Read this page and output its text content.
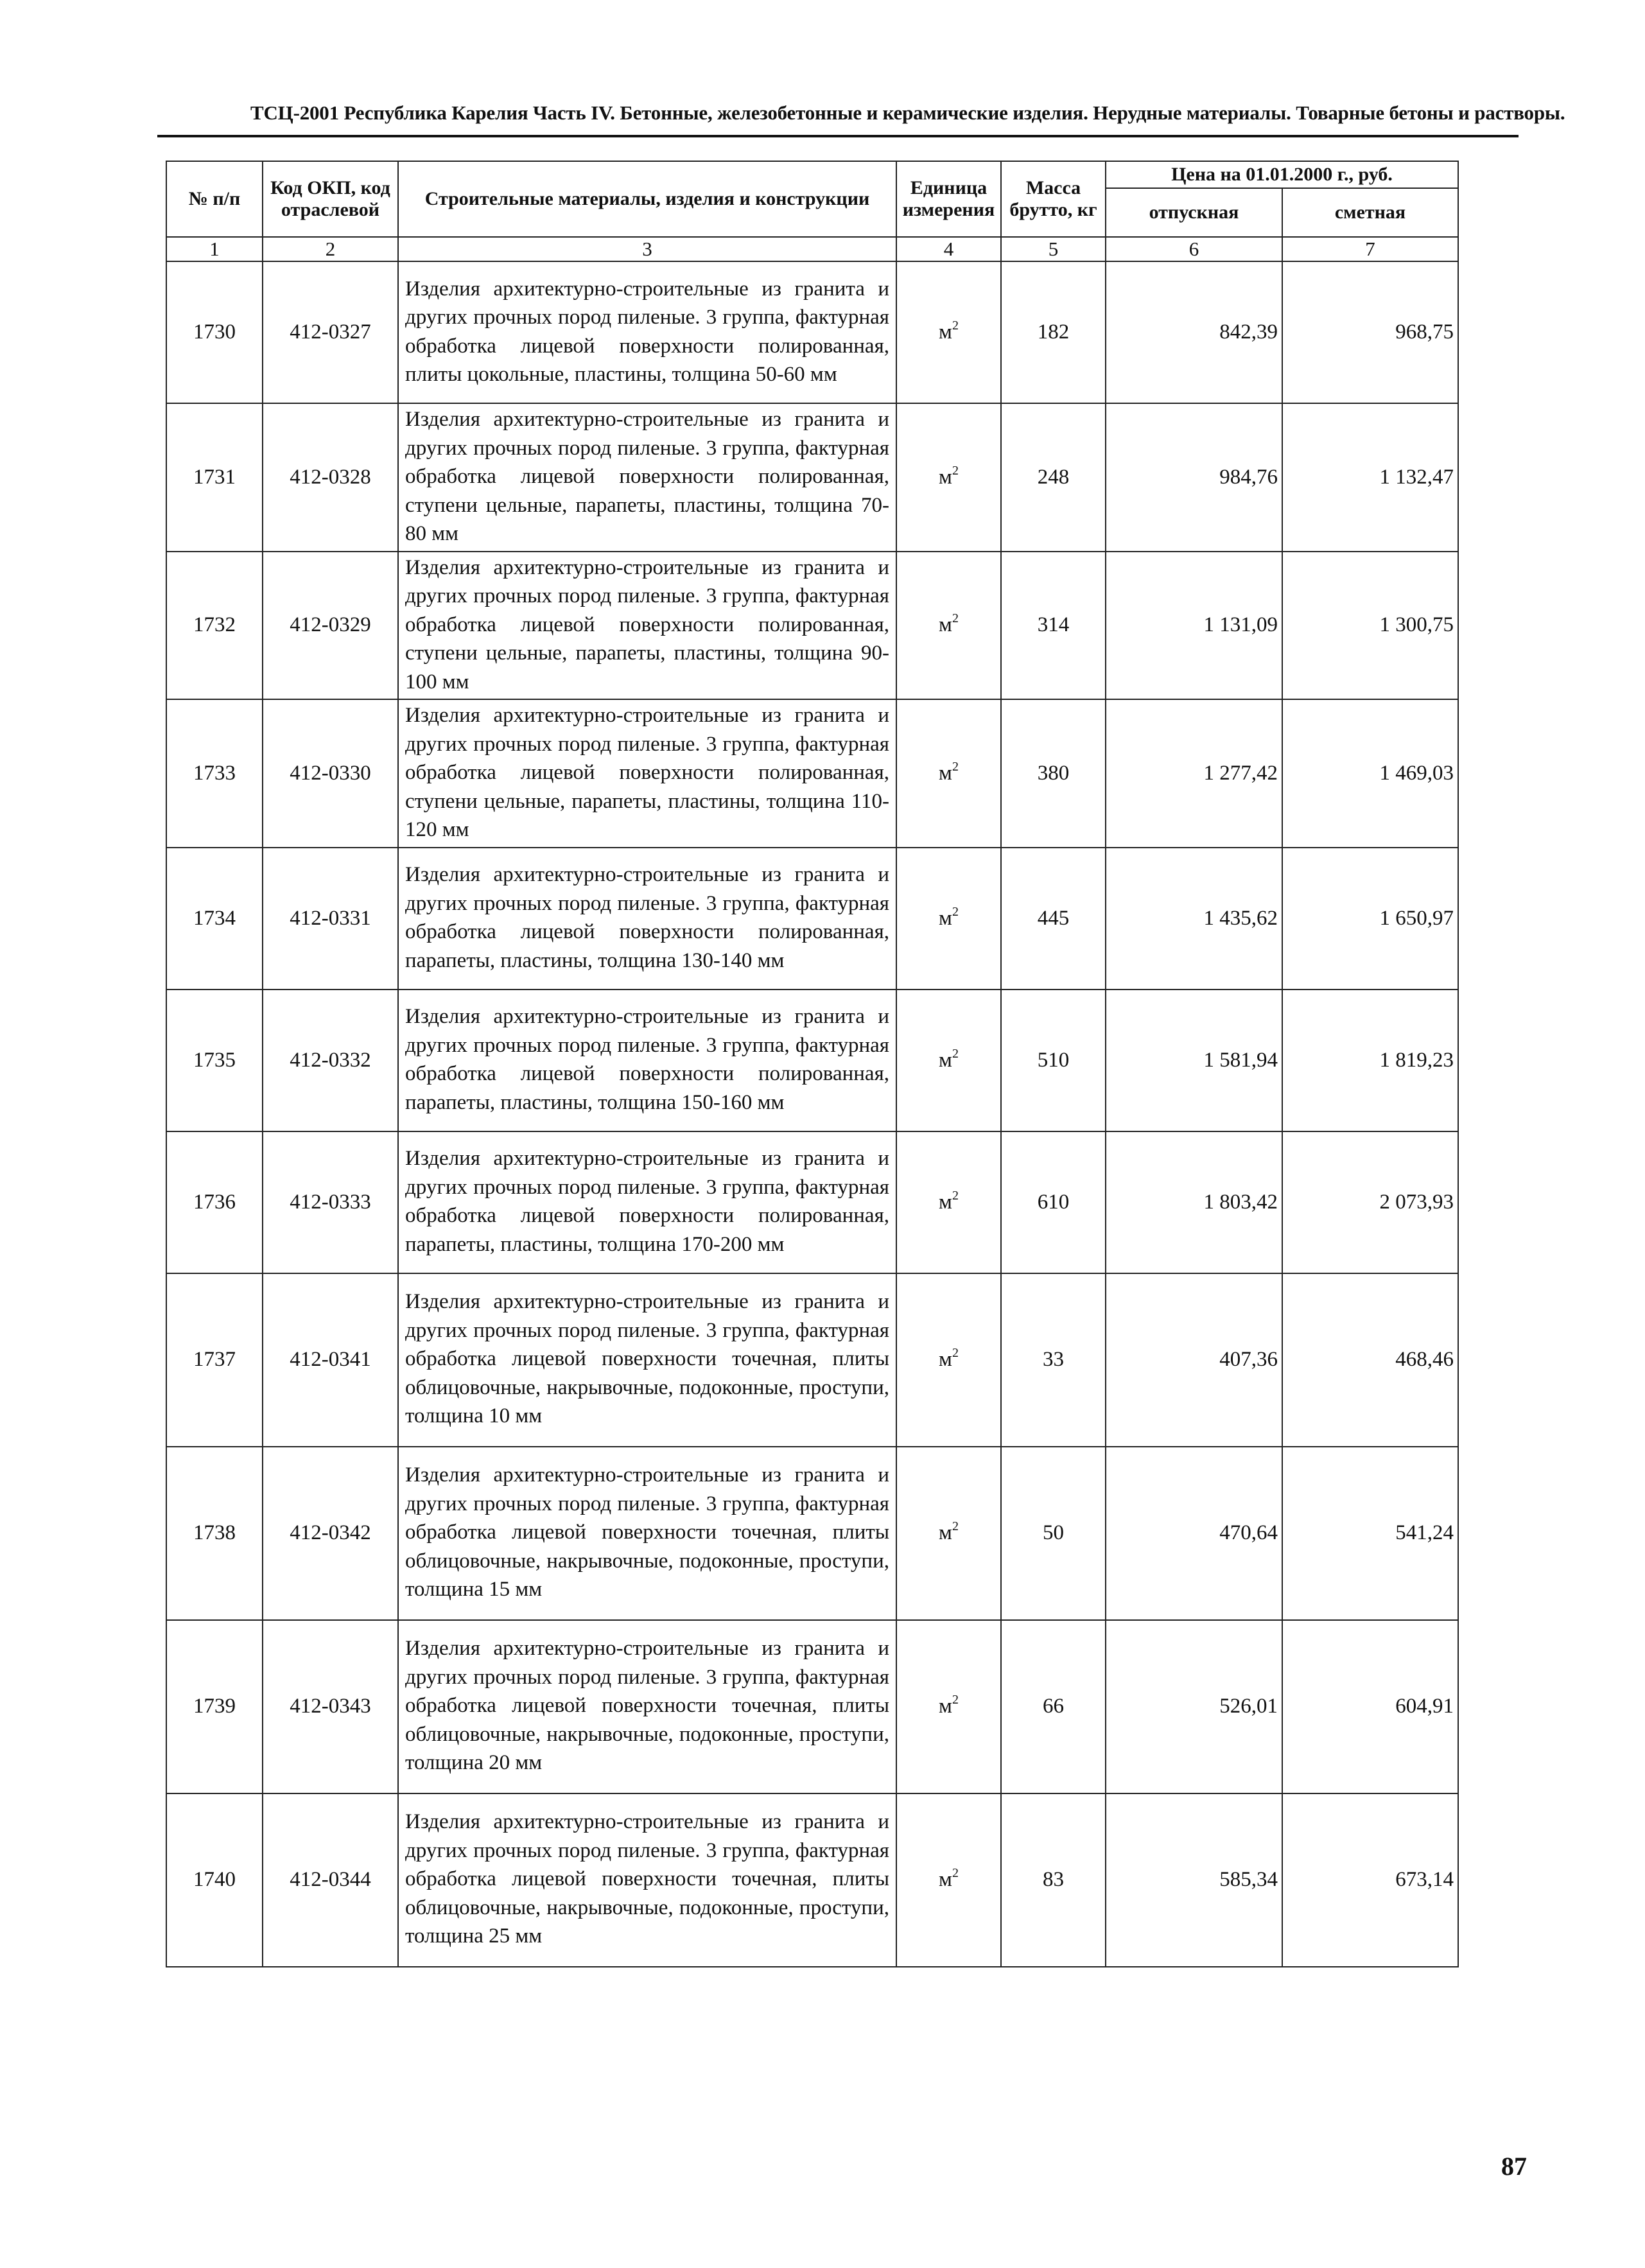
ТСЦ-2001 Республика Карелия Часть IV. Бетонные, железобетонные и керамические изделия. Нерудные материалы. Товарные бетоны и растворы.
№ п/п	Код ОКП, код отраслевой	Строительные материалы, изделия и конструкции	Единица измерения	Масса брутто, кг	Цена на 01.01.2000 г., руб.	
					отпускная	сметная
1	2	3	4	5	6	7
1730	412-0327	Изделия архитектурно-строительные из гранита и других прочных пород пиленые. 3 группа, фактурная обработка лицевой поверхности полированная, плиты цокольные, пластины, толщина 50-60 мм	$м^2$	182	842,39	968,75
1731	412-0328	Изделия архитектурно-строительные из гранита и других прочных пород пиленые. 3 группа, фактурная обработка лицевой поверхности полированная, ступени цельные, парапеты, пластины, толщина 70-80 мм	$м^2$	248	984,76	1 132,47
1732	412-0329	Изделия архитектурно-строительные из гранита и других прочных пород пиленые. 3 группа, фактурная обработка лицевой поверхности полированная, ступени цельные, парапеты, пластины, толщина 90-100 мм	$м^2$	314	1 131,09	1 300,75
1733	412-0330	Изделия архитектурно-строительные из гранита и других прочных пород пиленые. 3 группа, фактурная обработка лицевой поверхности полированная, ступени цельные, парапеты, пластины, толщина 110-120 мм	$м^2$	380	1 277,42	1 469,03
1734	412-0331	Изделия архитектурно-строительные из гранита и других прочных пород пиленые. 3 группа, фактурная обработка лицевой поверхности полированная, парапеты, пластины, толщина 130-140 мм	$м^2$	445	1 435,62	1 650,97
1735	412-0332	Изделия архитектурно-строительные из гранита и других прочных пород пиленые. 3 группа, фактурная обработка лицевой поверхности полированная, парапеты, пластины, толщина 150-160 мм	$м^2$	510	1 581,94	1 819,23
1736	412-0333	Изделия архитектурно-строительные из гранита и других прочных пород пиленые. 3 группа, фактурная обработка лицевой поверхности полированная, парапеты, пластины, толщина 170-200 мм	$м^2$	610	1 803,42	2 073,93
1737	412-0341	Изделия архитектурно-строительные из гранита и других прочных пород пиленые. 3 группа, фактурная обработка лицевой поверхности точечная, плиты облицовочные, накрывочные, подоконные, проступи, толщина 10 мм	$м^2$	33	407,36	468,46
1738	412-0342	Изделия архитектурно-строительные из гранита и других прочных пород пиленые. 3 группа, фактурная обработка лицевой поверхности точечная, плиты облицовочные, накрывочные, подоконные, проступи, толщина 15 мм	$м^2$	50	470,64	541,24
1739	412-0343	Изделия архитектурно-строительные из гранита и других прочных пород пиленые. 3 группа, фактурная обработка лицевой поверхности точечная, плиты облицовочные, накрывочные, подоконные, проступи, толщина 20 мм	$м^2$	66	526,01	604,91
1740	412-0344	Изделия архитектурно-строительные из гранита и других прочных пород пиленые. 3 группа, фактурная обработка лицевой поверхности точечная, плиты облицовочные, накрывочные, подоконные, проступи, толщина 25 мм	$м^2$	83	585,34	673,14
87
